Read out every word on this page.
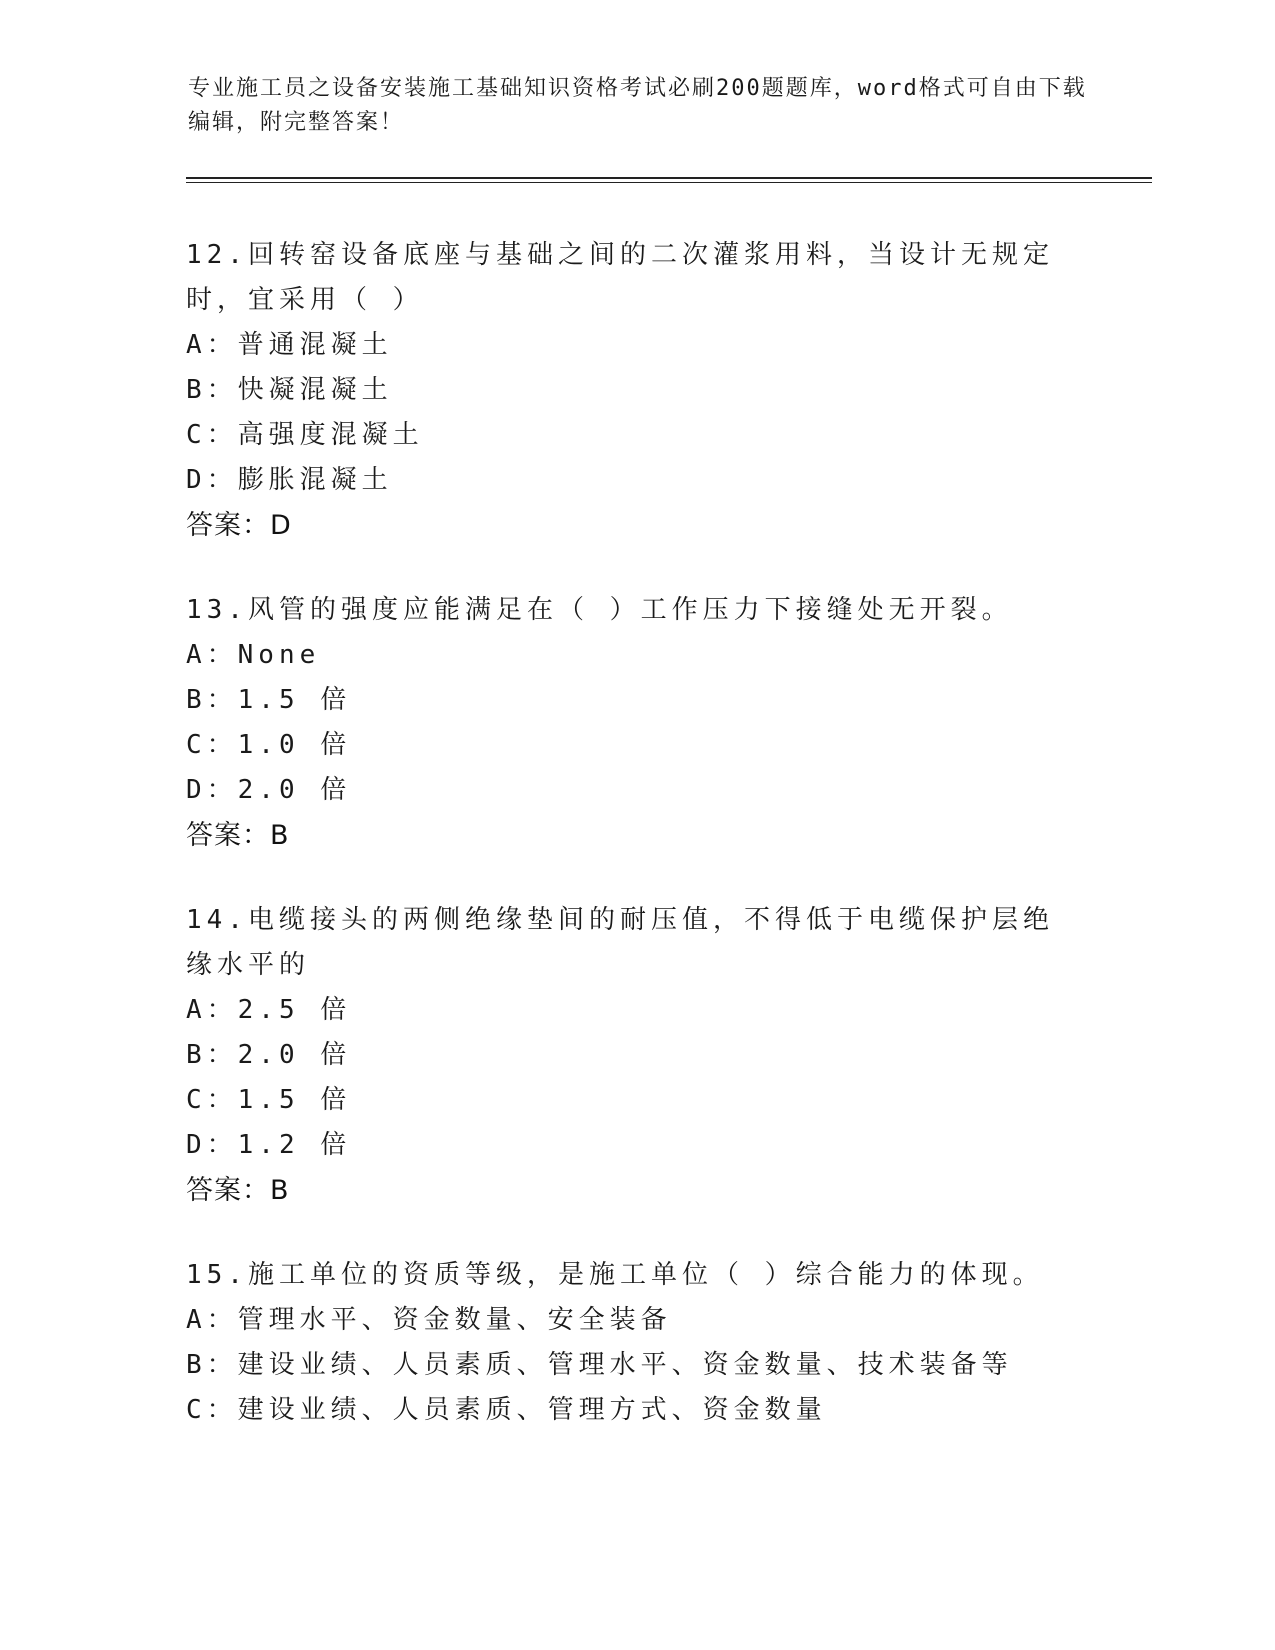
专业施工员之设备安装施工基础知识资格考试必刷200题题库，word格式可自由下载编辑，附完整答案！

12.回转窑设备底座与基础之间的二次灌浆用料，当设计无规定时，宜采用（ ）

A：普通混凝土

B：快凝混凝土

C：高强度混凝土

D：膨胀混凝土

答案：D

13.风管的强度应能满足在（ ）工作压力下接缝处无开裂。

A：None

B：1.5 倍

C：1.0 倍

D：2.0 倍

答案：B

14.电缆接头的两侧绝缘垫间的耐压值，不得低于电缆保护层绝缘水平的

A：2.5 倍

B：2.0 倍

C：1.5 倍

D：1.2 倍

答案：B

15.施工单位的资质等级，是施工单位（ ）综合能力的体现。

A：管理水平、资金数量、安全装备

B：建设业绩、人员素质、管理水平、资金数量、技术装备等

C：建设业绩、人员素质、管理方式、资金数量
